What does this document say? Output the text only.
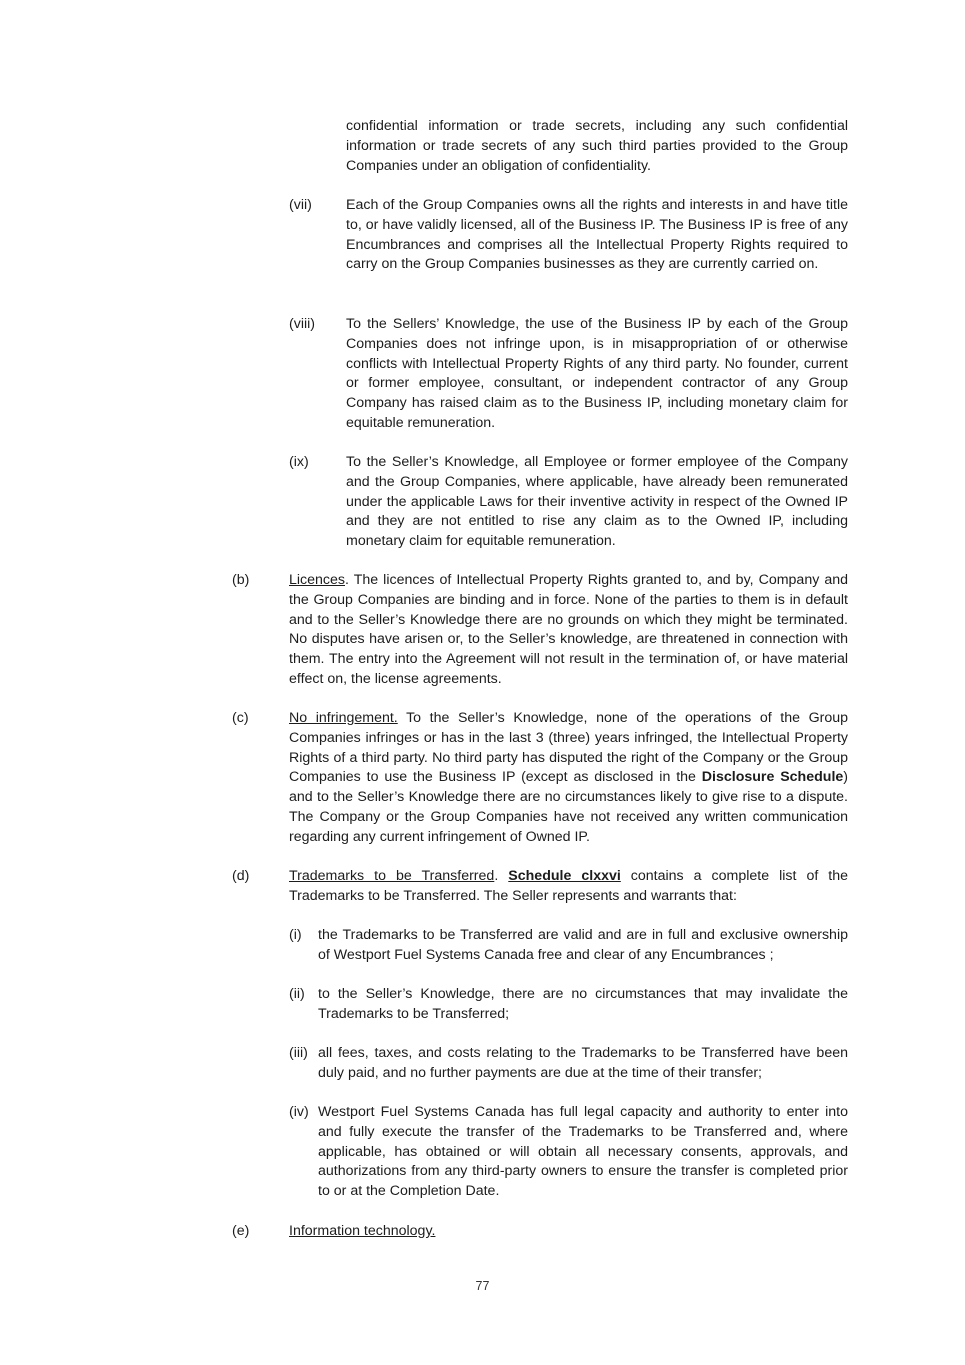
confidential information or trade secrets, including any such confidential information or trade secrets of any such third parties provided to the Group Companies under an obligation of confidentiality.

(vii) Each of the Group Companies owns all the rights and interests in and have title to, or have validly licensed, all of the Business IP. The Business IP is free of any Encumbrances and comprises all the Intellectual Property Rights required to carry on the Group Companies businesses as they are currently carried on.

(viii) To the Sellers’ Knowledge, the use of the Business IP by each of the Group Companies does not infringe upon, is in misappropriation of or otherwise conflicts with Intellectual Property Rights of any third party. No founder, current or former employee, consultant, or independent contractor of any Group Company has raised claim as to the Business IP, including monetary claim for equitable remuneration.

(ix)	To the Seller’s Knowledge, all Employee or former employee of the Company and the Group Companies, where applicable, have already been remunerated under the applicable Laws for their inventive activity in respect of the Owned IP and they are not entitled to rise any claim as to the Owned IP, including monetary claim for equitable remuneration.

(b)	Licences. The licences of Intellectual Property Rights granted to, and by, Company and the Group Companies are binding and in force. None of the parties to them is in default and to the Seller’s Knowledge there are no grounds on which they might be terminated. No disputes have arisen or, to the Seller’s knowledge, are threatened in connection with them. The entry into the Agreement will not result in the termination of, or have material effect on, the license agreements.

(c)	No infringement. To the Seller’s Knowledge, none of the operations of the Group Companies infringes or has in the last 3 (three) years infringed, the Intellectual Property Rights of a third party. No third party has disputed the right of the Company or the Group Companies to use the Business IP (except as disclosed in the Disclosure Schedule) and to the Seller’s Knowledge there are no circumstances likely to give rise to a dispute. The Company or the Group Companies have not received any written communication regarding any current infringement of Owned IP.

(d)	Trademarks to be Transferred. Schedule clxxvi contains a complete list of the Trademarks to be Transferred. The Seller represents and warrants that:

(i) the Trademarks to be Transferred are valid and are in full and exclusive ownership of Westport Fuel Systems Canada free and clear of any Encumbrances ;

(ii) to the Seller’s Knowledge, there are no circumstances that may invalidate the Trademarks to be Transferred;

(iii) all fees, taxes, and costs relating to the Trademarks to be Transferred have been duly paid, and no further payments are due at the time of their transfer;

(iv) Westport Fuel Systems Canada has full legal capacity and authority to enter into and fully execute the transfer of the Trademarks to be Transferred and, where applicable, has obtained or will obtain all necessary consents, approvals, and authorizations from any third-party owners to ensure the transfer is completed prior to or at the Completion Date.

(e)	Information technology.

77
